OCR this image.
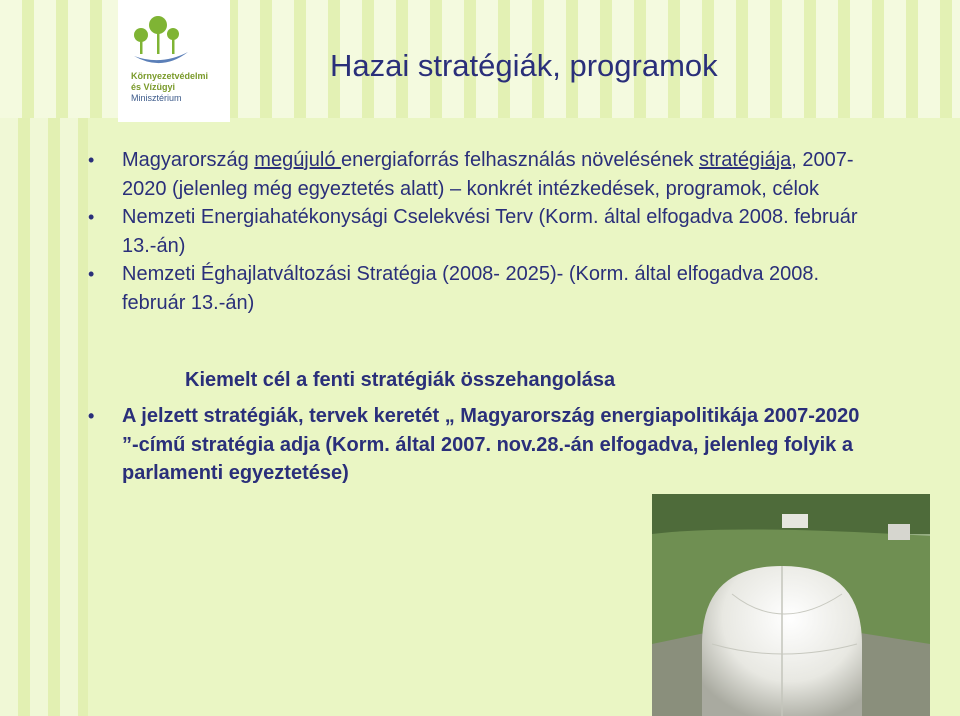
Környezetvédelmi
és Vízügyi
Minisztérium
Hazai stratégiák, programok
• Magyarország megújuló energiaforrás felhasználás növelésének stratégiája, 2007-2020 (jelenleg még egyeztetés alatt) – konkrét intézkedések, programok, célok
• Nemzeti Energiahatékonysági Cselekvési Terv (Korm. által elfogadva 2008. február 13.-án)
• Nemzeti Éghajlatváltozási Stratégia (2008- 2025)- (Korm. által elfogadva 2008. február 13.-án)
Kiemelt cél a fenti stratégiák összehangolása
• A jelzett stratégiák, tervek keretét „ Magyarország energiapolitikája 2007-2020 ”-című stratégia adja (Korm. által 2007. nov.28.-án elfogadva, jelenleg folyik a parlamenti egyeztetése)
